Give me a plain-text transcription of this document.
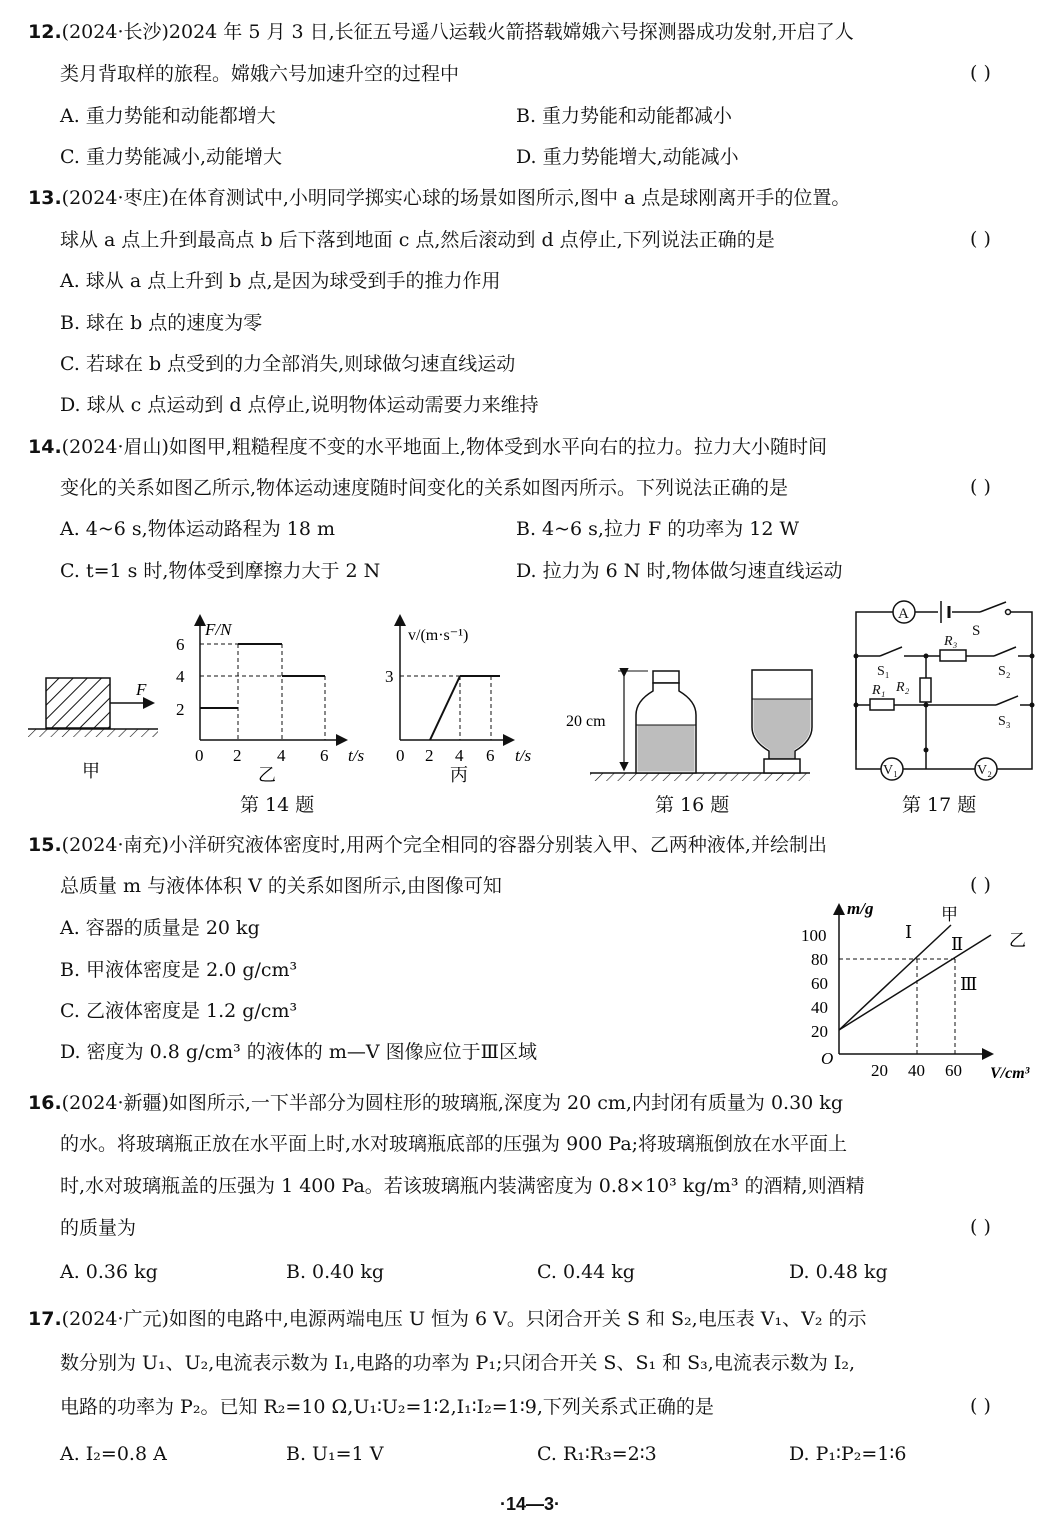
12.(2024·长沙)2024 年 5 月 3 日,长征五号遥八运载火箭搭载嫦娥六号探测器成功发射,开启了人
类月背取样的旅程。嫦娥六号加速升空的过程中	( )
A. 重力势能和动能都增大	B. 重力势能和动能都减小
C. 重力势能减小,动能增大	D. 重力势能增大,动能减小
13.(2024·枣庄)在体育测试中,小明同学掷实心球的场景如图所示,图中 a 点是球刚离开手的位置。
球从 a 点上升到最高点 b 后下落到地面 c 点,然后滚动到 d 点停止,下列说法正确的是	( )
A. 球从 a 点上升到 b 点,是因为球受到手的推力作用
B. 球在 b 点的速度为零
C. 若球在 b 点受到的力全部消失,则球做匀速直线运动
D. 球从 c 点运动到 d 点停止,说明物体运动需要力来维持
14.(2024·眉山)如图甲,粗糙程度不变的水平地面上,物体受到水平向右的拉力。拉力大小随时间
变化的关系如图乙所示,物体运动速度随时间变化的关系如图丙所示。下列说法正确的是	( )
A. 4~6 s,物体运动路程为 18 m	B. 4~6 s,拉力 F 的功率为 12 W
C. t=1 s 时,物体受到摩擦力大于 2 N	D. 拉力为 6 N 时,物体做匀速直线运动
F
甲
F/N
6
4
2
0 2 4 6 t/s
乙
v/(m·s⁻¹)
3
0 2 4 6 t/s
丙
20 cm
A
S
S₁
R₃
S₂
R₂
R₁
S₃
V₁	V₂
第 14 题	第 16 题	第 17 题
15.(2024·南充)小洋研究液体密度时,用两个完全相同的容器分别装入甲、乙两种液体,并绘制出
总质量 m 与液体体积 V 的关系如图所示,由图像可知	( )
A. 容器的质量是 20 kg
B. 甲液体密度是 2.0 g/cm³
C. 乙液体密度是 1.2 g/cm³
D. 密度为 0.8 g/cm³ 的液体的 m—V 图像应位于Ⅲ区域
m/g
V/cm³
O
100
80
60
40
20
20 40 60
Ⅰ
Ⅱ
Ⅲ
甲
乙
16.(2024·新疆)如图所示,一下半部分为圆柱形的玻璃瓶,深度为 20 cm,内封闭有质量为 0.30 kg
的水。将玻璃瓶正放在水平面上时,水对玻璃瓶底部的压强为 900 Pa;将玻璃瓶倒放在水平面上
时,水对玻璃瓶盖的压强为 1 400 Pa。若该玻璃瓶内装满密度为 0.8×10³ kg/m³ 的酒精,则酒精
的质量为	( )
A. 0.36 kg	B. 0.40 kg	C. 0.44 kg	D. 0.48 kg
17.(2024·广元)如图的电路中,电源两端电压 U 恒为 6 V。只闭合开关 S 和 S₂,电压表 V₁、V₂ 的示
数分别为 U₁、U₂,电流表示数为 I₁,电路的功率为 P₁;只闭合开关 S、S₁ 和 S₃,电流表示数为 I₂,
电路的功率为 P₂。已知 R₂=10 Ω,U₁∶U₂=1∶2,I₁∶I₂=1∶9,下列关系式正确的是	( )
A. I₂=0.8 A	B. U₁=1 V	C. R₁∶R₃=2∶3	D. P₁∶P₂=1∶6
·14—3·
